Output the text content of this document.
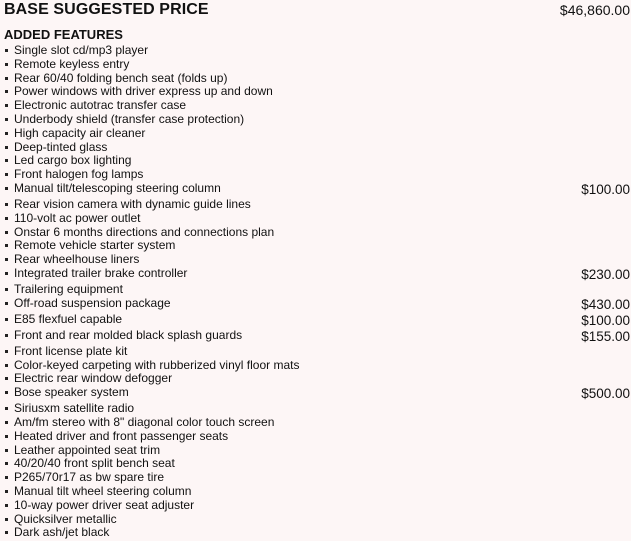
BASE SUGGESTED PRICE	$46,860.00
ADDED FEATURES
Single slot cd/mp3 player
Remote keyless entry
Rear 60/40 folding bench seat (folds up)
Power windows with driver express up and down
Electronic autotrac transfer case
Underbody shield (transfer case protection)
High capacity air cleaner
Deep-tinted glass
Led cargo box lighting
Front halogen fog lamps
Manual tilt/telescoping steering column	$100.00
Rear vision camera with dynamic guide lines
110-volt ac power outlet
Onstar 6 months directions and connections plan
Remote vehicle starter system
Rear wheelhouse liners
Integrated trailer brake controller	$230.00
Trailering equipment
Off-road suspension package	$430.00
E85 flexfuel capable	$100.00
Front and rear molded black splash guards	$155.00
Front license plate kit
Color-keyed carpeting with rubberized vinyl floor mats
Electric rear window defogger
Bose speaker system	$500.00
Siriusxm satellite radio
Am/fm stereo with 8" diagonal color touch screen
Heated driver and front passenger seats
Leather appointed seat trim
40/20/40 front split bench seat
P265/70r17 as bw spare tire
Manual tilt wheel steering column
10-way power driver seat adjuster
Quicksilver metallic
Dark ash/jet black
